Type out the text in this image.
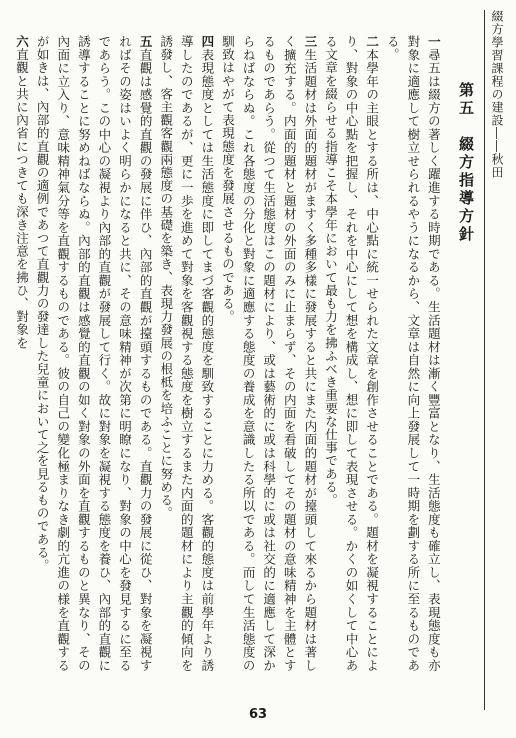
綴方學習課程の建設――秋田

第五　綴方指導方針

一尋五は綴方の著しく躍進する時期である。生活題材は漸く豐富となり、生活態度も確立し、表現態度も亦對象に適應して樹立せられるやうになるから、文章は自然に向上發展して一時期を劃する所に至るものである。

二本學年の主眼とする所は、中心點に統一せられた文章を創作させることである。題材を凝視することにより、對象の中心點を把握し、それを中心にして想を構成し、想に即して表現させる。かくの如くして中心ある文章を綴らせる指導こそ本學年において最も力を拂ふべき重要な仕事である。

三生活題材は外面的題材がますく多種多樣に發展すると共にまた内面的題材が擡頭して來るから題材は著しく擴充する。内面的題材と題材の外面のみに止まらず、その内面を看破してその題材の意味精神を主體とするものであらう。從つて生活態度はこの題材により、或は藝術的に或は科學的に或は社交的に適應して深からねばならぬ。これ各態度の分化と對象に適應する態度の養成を意識したる所以である。而して生活態度の馴致はやがて表現態度を發展させるものである。

四表現態度としては生活態度に即してまづ客觀的態度を馴致することに力める。客觀的態度は前學年より誘導したのであるが、更に一歩を進めて對象を客觀視する態度を樹立するまた内面的題材により主觀的傾向を誘發し、客主觀客觀兩態度の基礎を築き、表現力發展の根柢を培ふことに努める。

五直觀は感覺的直觀の發展に伴ひ、內部的直觀が擡頭するものである。直觀力の發展に從ひ、對象を凝視すればその姿はいよく明らかになると共に、その意味精神が次第に明瞭になり、對象の中心を發見するに至るであらう。この中心の凝視より內部的直觀が發展して行く。故に對象を凝視する態度を養ひ、內部的直觀に誘導することに努めねばならぬ。內部的直觀は感覺的直觀の如く對象の外面を直觀するものと異なり、その內面に立入り、意味精神氣分等を直觀するものである。彼の自己の變化極まりなき劇的亢進の様を直觀するが如きは、內部的直觀の適例であつて直觀力の發達した兒童において之を見るものである。

六直觀と共に內省につきても深き注意を拂ひ、對象を

63
